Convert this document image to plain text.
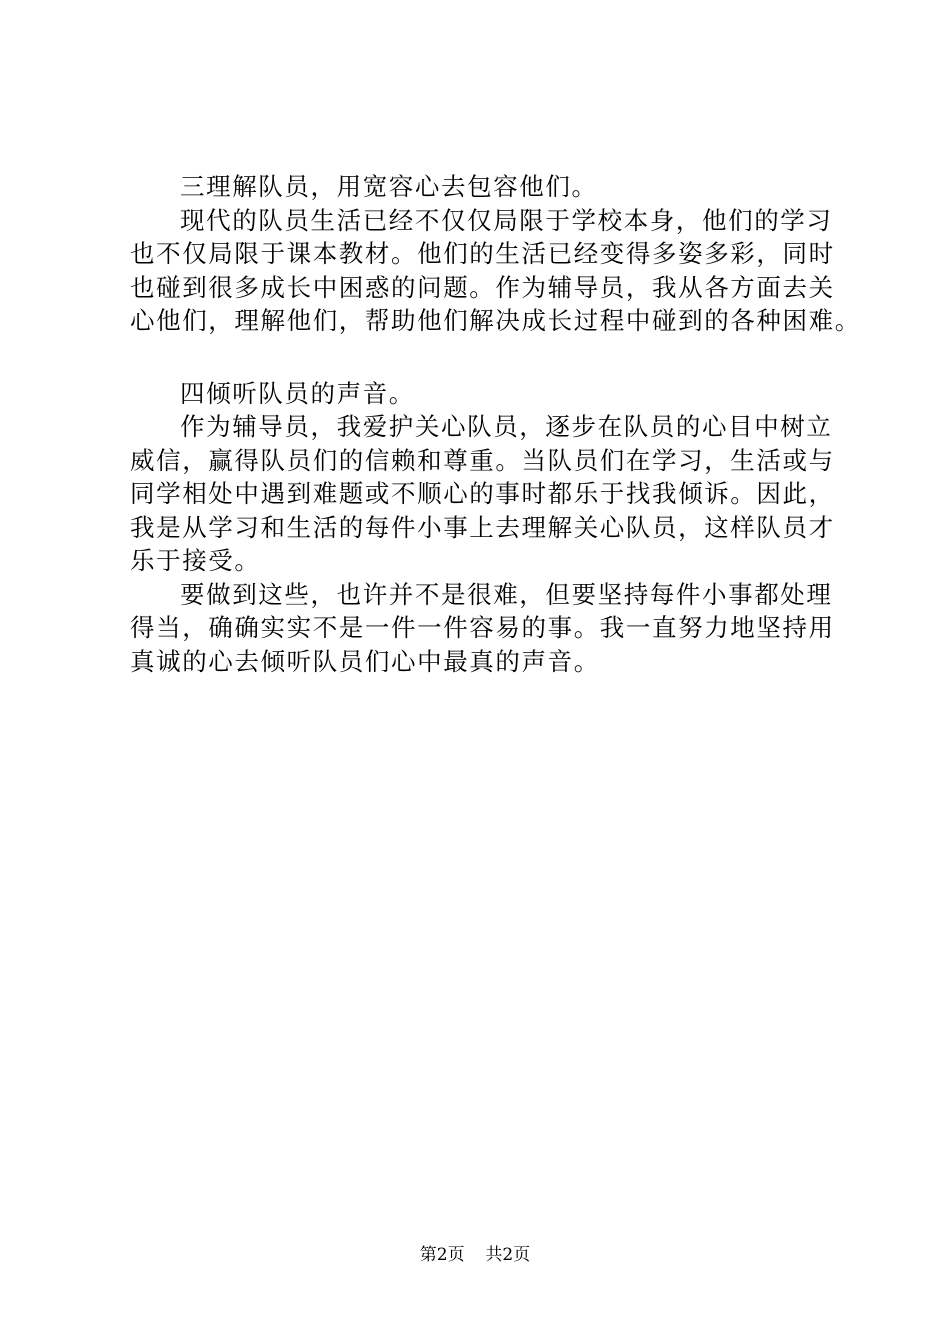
三理解队员，用宽容心去包容他们。
现代的队员生活已经不仅仅局限于学校本身，他们的学习
也不仅局限于课本教材。他们的生活已经变得多姿多彩，同时
也碰到很多成长中困惑的问题。作为辅导员，我从各方面去关
心他们，理解他们，帮助他们解决成长过程中碰到的各种困难。
四倾听队员的声音。
作为辅导员，我爱护关心队员，逐步在队员的心目中树立
威信，赢得队员们的信赖和尊重。当队员们在学习，生活或与
同学相处中遇到难题或不顺心的事时都乐于找我倾诉。因此，
我是从学习和生活的每件小事上去理解关心队员，这样队员才
乐于接受。
要做到这些，也许并不是很难，但要坚持每件小事都处理
得当，确确实实不是一件一件容易的事。我一直努力地坚持用
真诚的心去倾听队员们心中最真的声音。
第2页 共2页
